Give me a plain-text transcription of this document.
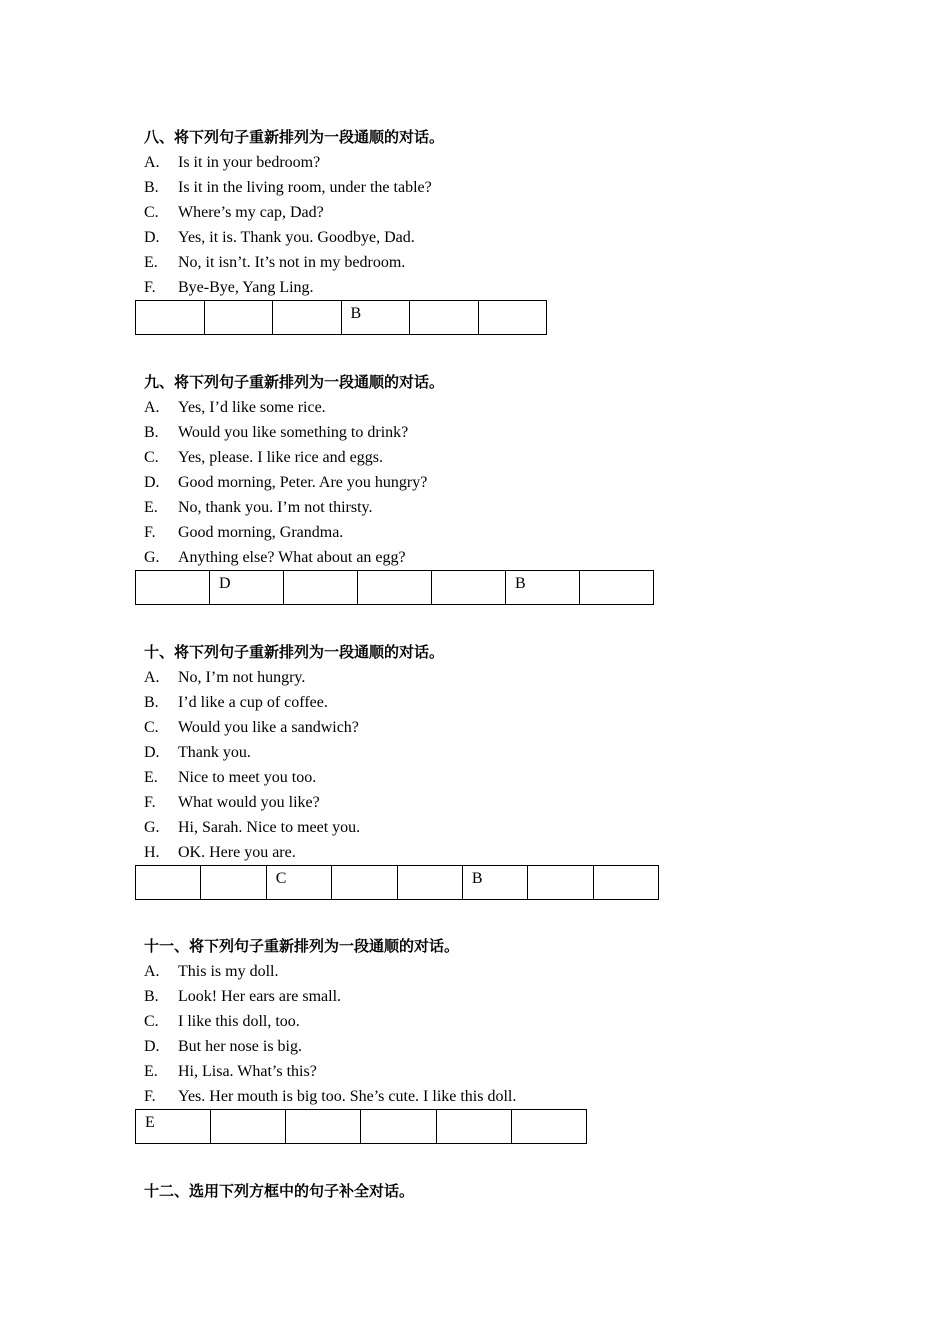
八、将下列句子重新排列为一段通顺的对话。
A. Is it in your bedroom?
B. Is it in the living room, under the table?
C. Where’s my cap, Dad?
D. Yes, it is. Thank you. Goodbye, Dad.
E. No, it isn’t. It’s not in my bedroom.
F. Bye-Bye, Yang Ling.
			B		
九、将下列句子重新排列为一段通顺的对话。
A. Yes, I’d like some rice.
B. Would you like something to drink?
C. Yes, please. I like rice and eggs.
D. Good morning, Peter. Are you hungry?
E. No, thank you. I’m not thirsty.
F. Good morning, Grandma.
G. Anything else? What about an egg?
	D				B	
十、将下列句子重新排列为一段通顺的对话。
A. No, I’m not hungry.
B. I’d like a cup of coffee.
C. Would you like a sandwich?
D. Thank you.
E. Nice to meet you too.
F. What would you like?
G. Hi, Sarah. Nice to meet you.
H. OK. Here you are.
		C			B		
十一、将下列句子重新排列为一段通顺的对话。
A. This is my doll.
B. Look! Her ears are small.
C. I like this doll, too.
D. But her nose is big.
E. Hi, Lisa. What’s this?
F. Yes. Her mouth is big too. She’s cute. I like this doll.
E					
十二、选用下列方框中的句子补全对话。
